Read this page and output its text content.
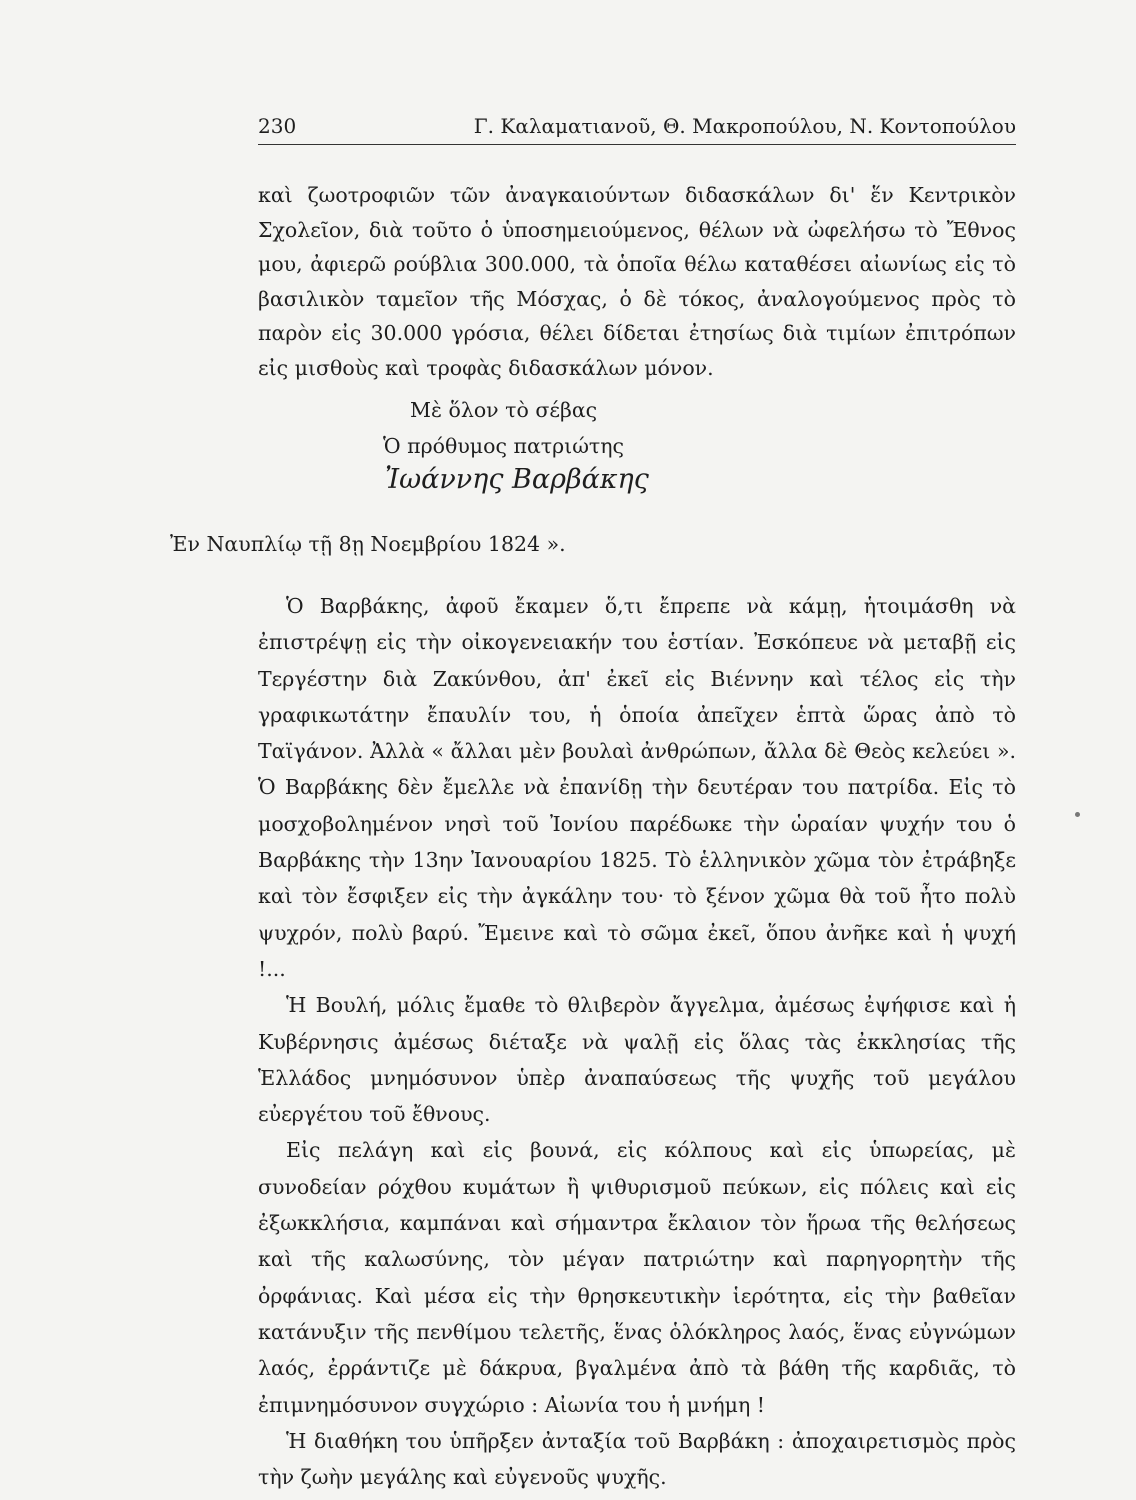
230	Γ. Καλαματιανοῦ, Θ. Μακροπούλου, Ν. Κοντοπούλου

καὶ ζωοτροφιῶν τῶν ἀναγκαιούντων διδασκάλων δι' ἕν Κεντρικὸν Σχολεῖον, διὰ τοῦτο ὁ ὑποσημειούμενος, θέλων νὰ ὠφελήσω τὸ Ἔθνος μου, ἀφιερῶ ρούβλια 300.000, τὰ ὁποῖα θέλω καταθέσει αἰωνίως εἰς τὸ βασιλικὸν ταμεῖον τῆς Μόσχας, ὁ δὲ τόκος, ἀναλογούμενος πρὸς τὸ παρὸν εἰς 30.000 γρόσια, θέλει δίδεται ἐτησίως διὰ τιμίων ἐπιτρόπων εἰς μισθοὺς καὶ τροφὰς διδασκάλων μόνον.

Μὲ ὅλον τὸ σέβας
Ὁ πρόθυμος πατριώτης
Ἰωάννης Βαρβάκης
Ἐν Ναυπλίῳ τῇ 8ῃ Νοεμβρίου 1824 ».

Ὁ Βαρβάκης, ἀφοῦ ἔκαμεν ὅ,τι ἔπρεπε νὰ κάμῃ, ἡτοιμάσθη νὰ ἐπιστρέψῃ εἰς τὴν οἰκογενειακήν του ἑστίαν. Ἐσκόπευε νὰ μεταβῇ εἰς Τεργέστην διὰ Ζακύνθου, ἀπ' ἐκεῖ εἰς Βιέννην καὶ τέλος εἰς τὴν γραφικωτάτην ἔπαυλίν του, ἡ ὁποία ἀπεῖχεν ἑπτὰ ὥρας ἀπὸ τὸ Ταϊγάνον. Ἀλλὰ « ἄλλαι μὲν βουλαὶ ἀνθρώπων, ἄλλα δὲ Θεὸς κελεύει ». Ὁ Βαρβάκης δὲν ἔμελλε νὰ ἐπανίδῃ τὴν δευτέραν του πατρίδα. Εἰς τὸ μοσχοβολημένον νησὶ τοῦ Ἰονίου παρέδωκε τὴν ὡραίαν ψυχήν του ὁ Βαρβάκης τὴν 13ην Ἰανουαρίου 1825. Τὸ ἑλληνικὸν χῶμα τὸν ἐτράβηξε καὶ τὸν ἔσφιξεν εἰς τὴν ἀγκάλην του· τὸ ξένον χῶμα θὰ τοῦ ἦτο πολὺ ψυχρόν, πολὺ βαρύ. Ἔμεινε καὶ τὸ σῶμα ἐκεῖ, ὅπου ἀνῆκε καὶ ἡ ψυχή !...

Ἡ Βουλή, μόλις ἔμαθε τὸ θλιβερὸν ἄγγελμα, ἀμέσως ἐψήφισε καὶ ἡ Κυβέρνησις ἀμέσως διέταξε νὰ ψαλῇ εἰς ὅλας τὰς ἐκκλησίας τῆς Ἑλλάδος μνημόσυνον ὑπὲρ ἀναπαύσεως τῆς ψυχῆς τοῦ μεγάλου εὐεργέτου τοῦ ἔθνους.

Εἰς πελάγη καὶ εἰς βουνά, εἰς κόλπους καὶ εἰς ὑπωρείας, μὲ συνοδείαν ρόχθου κυμάτων ἢ ψιθυρισμοῦ πεύκων, εἰς πόλεις καὶ εἰς ἐξωκκλήσια, καμπάναι καὶ σήμαντρα ἔκλαιον τὸν ἥρωα τῆς θελήσεως καὶ τῆς καλωσύνης, τὸν μέγαν πατριώτην καὶ παρηγορητὴν τῆς ὀρφάνιας. Καὶ μέσα εἰς τὴν θρησκευτικὴν ἱερότητα, εἰς τὴν βαθεῖαν κατάνυξιν τῆς πενθίμου τελετῆς, ἕνας ὁλόκληρος λαός, ἕνας εὐγνώμων λαός, ἐρράντιζε μὲ δάκρυα, βγαλμένα ἀπὸ τὰ βάθη τῆς καρδιᾶς, τὸ ἐπιμνημόσυνον συγχώριο : Αἰωνία του ἡ μνήμη !

Ἡ διαθήκη του ὑπῆρξεν ἀνταξία τοῦ Βαρβάκη : ἀποχαιρετισμὸς πρὸς τὴν ζωὴν μεγάλης καὶ εὐγενοῦς ψυχῆς.
